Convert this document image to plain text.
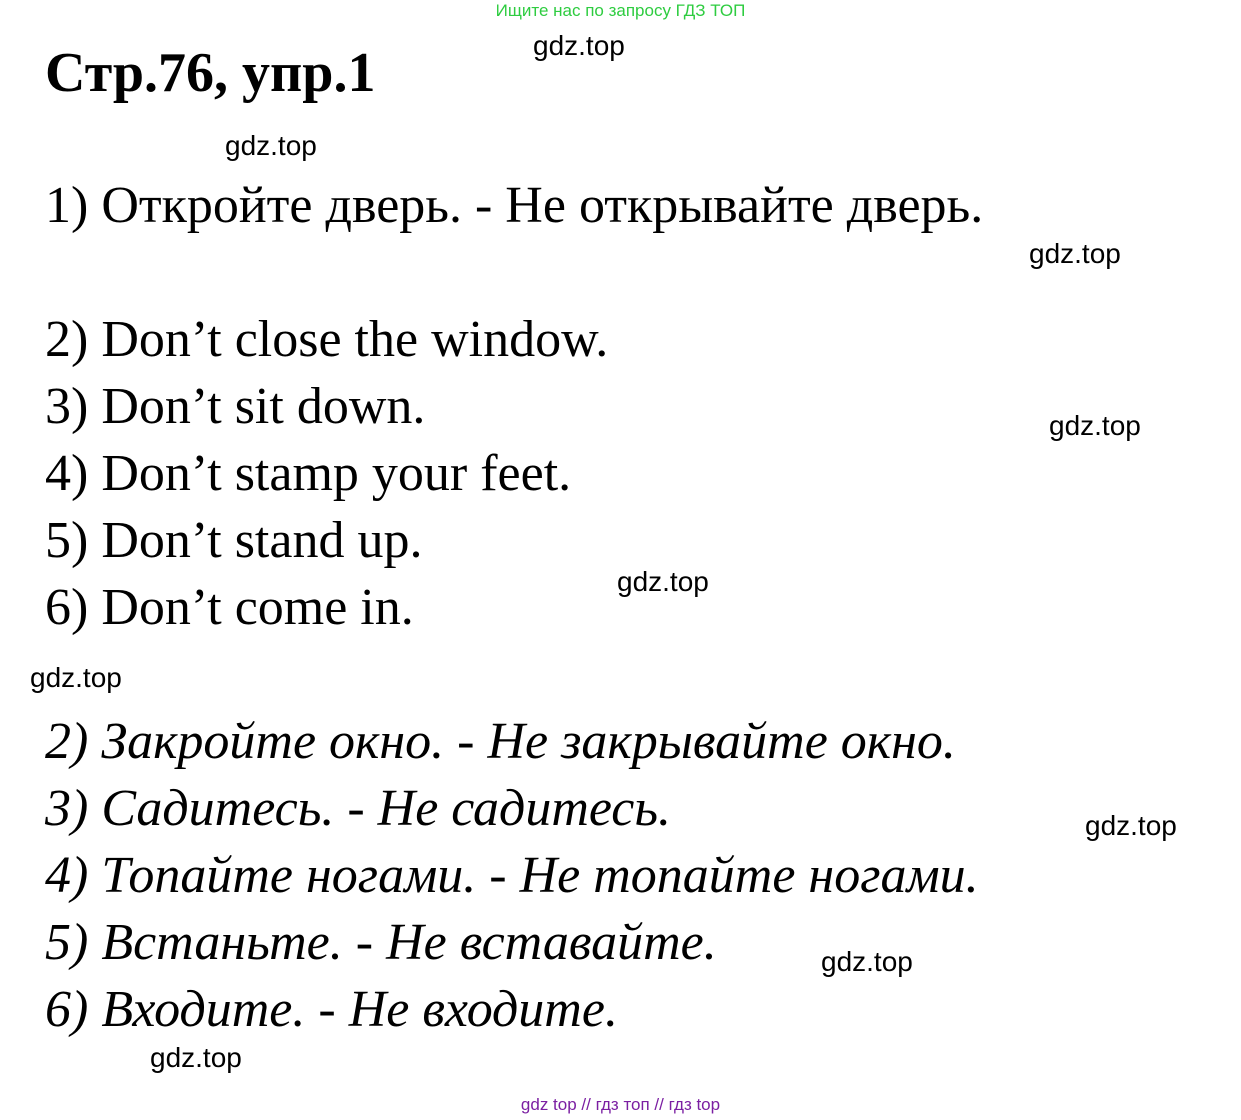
Ищите нас по запросу ГДЗ ТОП
Стр.76, упр.1

1) Откройте дверь. - Не открывайте дверь.

2) Don’t close the window.

3) Don’t sit down.

4) Don’t stamp your feet.

5) Don’t stand up.

6) Don’t come in.

2) Закройте окно. - Не закрывайте окно.

3) Садитесь. - Не садитесь.

4) Топайте ногами. - Не топайте ногами.

5) Встаньте. - Не вставайте.

6) Входите. - Не входите.

gdz.top
gdz.top
gdz.top
gdz.top
gdz.top
gdz.top
gdz.top
gdz.top
gdz.top
gdz top // гдз топ // гдз top
